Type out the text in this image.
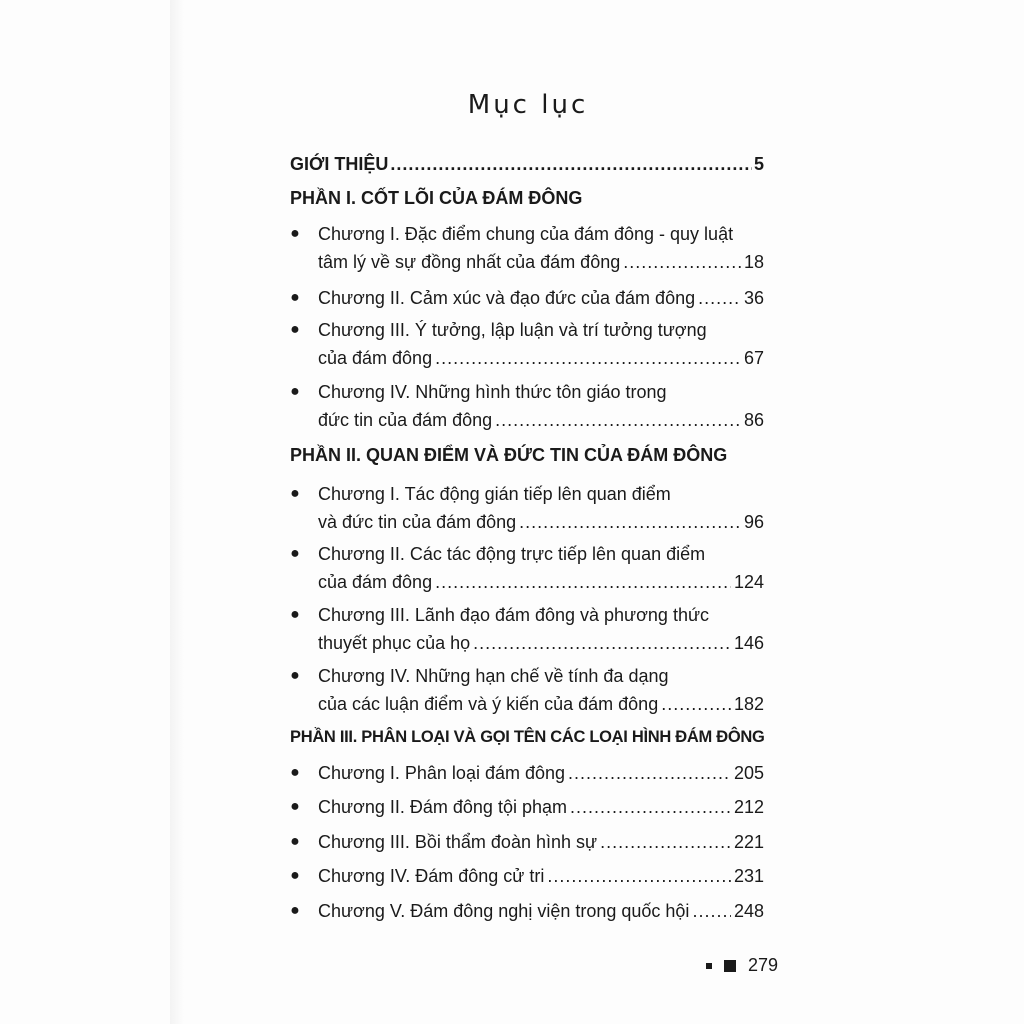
Mục lục
GIỚI THIỆU .....	5
PHẦN I. CỐT LÕI CỦA ĐÁM ĐÔNG
● Chương I. Đặc điểm chung của đám đông - quy luật
tâm lý về sự đồng nhất của đám đông .....	18
● Chương II. Cảm xúc và đạo đức của đám đông .....	36
● Chương III. Ý tưởng, lập luận và trí tưởng tượng
của đám đông .....	67
● Chương IV. Những hình thức tôn giáo trong
đức tin của đám đông .....	86
PHẦN II. QUAN ĐIỂM VÀ ĐỨC TIN CỦA ĐÁM ĐÔNG
● Chương I. Tác động gián tiếp lên quan điểm
và đức tin của đám đông .....	96
● Chương II. Các tác động trực tiếp lên quan điểm
của đám đông .....	124
● Chương III. Lãnh đạo đám đông và phương thức
thuyết phục của họ .....	146
● Chương IV. Những hạn chế về tính đa dạng
của các luận điểm và ý kiến của đám đông .....	182
PHẦN III. PHÂN LOẠI VÀ GỌI TÊN CÁC LOẠI HÌNH ĐÁM ĐÔNG
● Chương I. Phân loại đám đông .....	205
● Chương II. Đám đông tội phạm .....	212
● Chương III. Bồi thẩm đoàn hình sự .....	221
● Chương IV. Đám đông cử tri .....	231
● Chương V. Đám đông nghị viện trong quốc hội ..... 248
279
